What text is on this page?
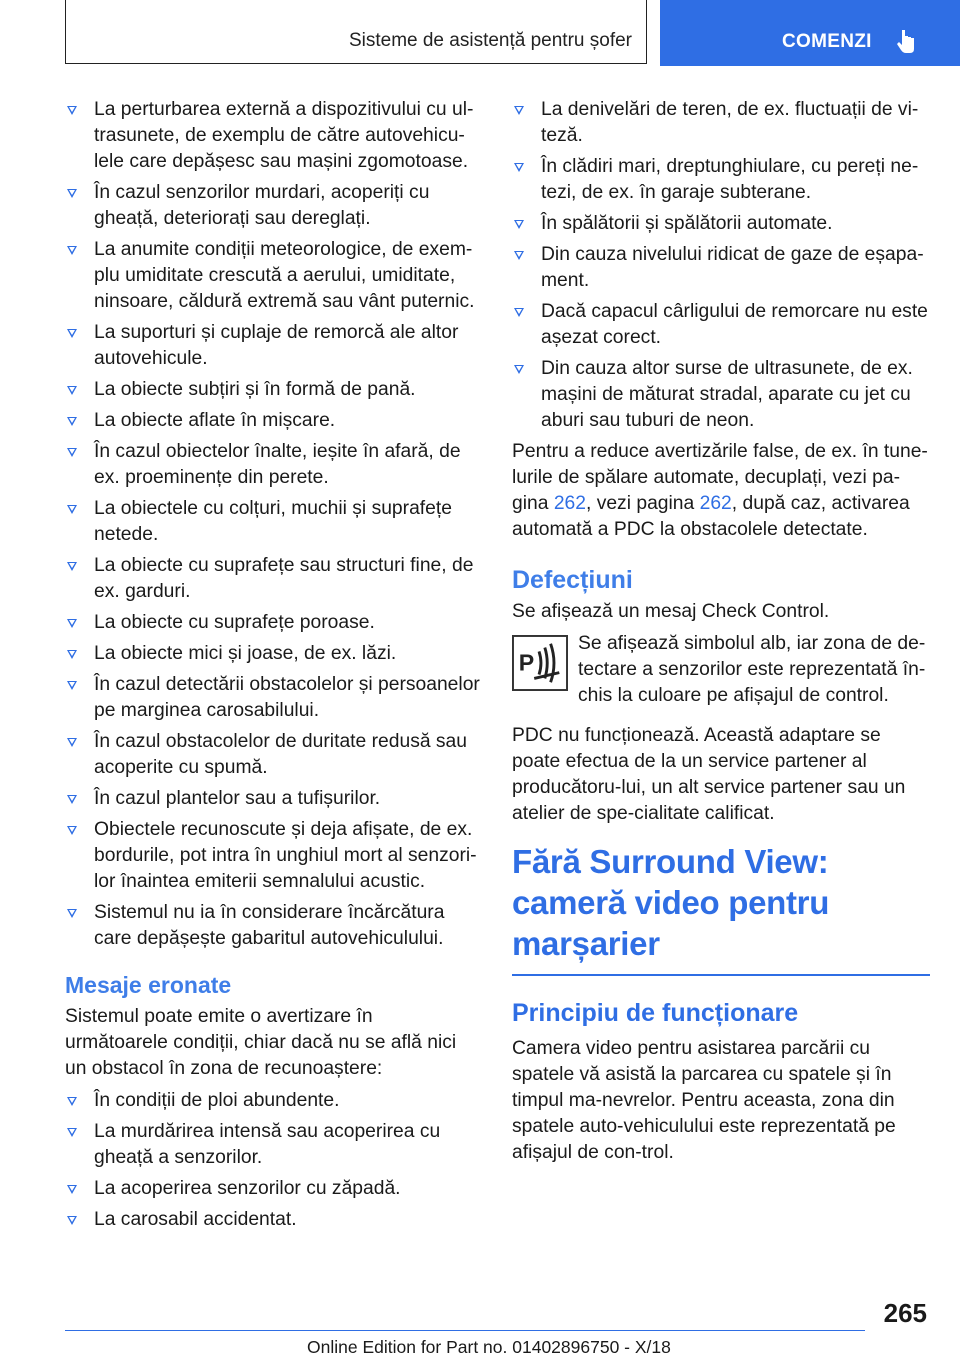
Sisteme de asistență pentru șofer	COMENZI
La perturbarea externă a dispozitivului cu ul-trasunete, de exemplu de către autovehicu-lele care depășesc sau mașini zgomotoase.
În cazul senzorilor murdari, acoperiți cu gheață, deteriorați sau dereglați.
La anumite condiții meteorologice, de exem-plu umiditate crescută a aerului, umiditate, ninsoare, căldură extremă sau vânt puternic.
La suporturi și cuplaje de remorcă ale altor autovehicule.
La obiecte subțiri și în formă de pană.
La obiecte aflate în mișcare.
În cazul obiectelor înalte, ieșite în afară, de ex. proeminențe din perete.
La obiectele cu colțuri, muchii și suprafețe netede.
La obiecte cu suprafețe sau structuri fine, de ex. garduri.
La obiecte cu suprafețe poroase.
La obiecte mici și joase, de ex. lăzi.
În cazul detectării obstacolelor și persoanelor pe marginea carosabilului.
În cazul obstacolelor de duritate redusă sau acoperite cu spumă.
În cazul plantelor sau a tufișurilor.
Obiectele recunoscute și deja afișate, de ex. bordurile, pot intra în unghiul mort al senzori-lor înaintea emiterii semnalului acustic.
Sistemul nu ia în considerare încărcătura care depășește gabaritul autovehiculului.
Mesaje eronate

Sistemul poate emite o avertizare în următoarele condiții, chiar dacă nu se află nici un obstacol în zona de recunoaștere:

În condiții de ploi abundente.
La murdărirea intensă sau acoperirea cu gheață a senzorilor.
La acoperirea senzorilor cu zăpadă.
La carosabil accidentat.
La denivelări de teren, de ex. fluctuații de vi-teză.
În clădiri mari, dreptunghiulare, cu pereți ne-tezi, de ex. în garaje subterane.
În spălătorii și spălătorii automate.
Din cauza nivelului ridicat de gaze de eșapa-ment.
Dacă capacul cârligului de remorcare nu este așezat corect.
Din cauza altor surse de ultrasunete, de ex. mașini de măturat stradal, aparate cu jet cu aburi sau tuburi de neon.

Pentru a reduce avertizările false, de ex. în tune-lurile de spălare automate, decuplați, vezi pa-gina 262, vezi pagina 262, după caz, activarea automată a PDC la obstacolele detectate.

Defecțiuni

Se afișează un mesaj Check Control.

P
Se afișează simbolul alb, iar zona de de-tectare a senzorilor este reprezentată în-chis la culoare pe afișajul de control.

PDC nu funcționează. Această adaptare se poate efectua de la un service partener al producătoru-lui, un alt service partener sau un atelier de spe-cialitate calificat.

Fără Surround View: cameră video pentru marșarier
Principiu de funcționare

Camera video pentru asistarea parcării cu spatele vă asistă la parcarea cu spatele și în timpul ma-nevrelor. Pentru aceasta, zona din spatele auto-vehiculului este reprezentată pe afișajul de con-trol.

265
Online Edition for Part no. 01402896750 - X/18
